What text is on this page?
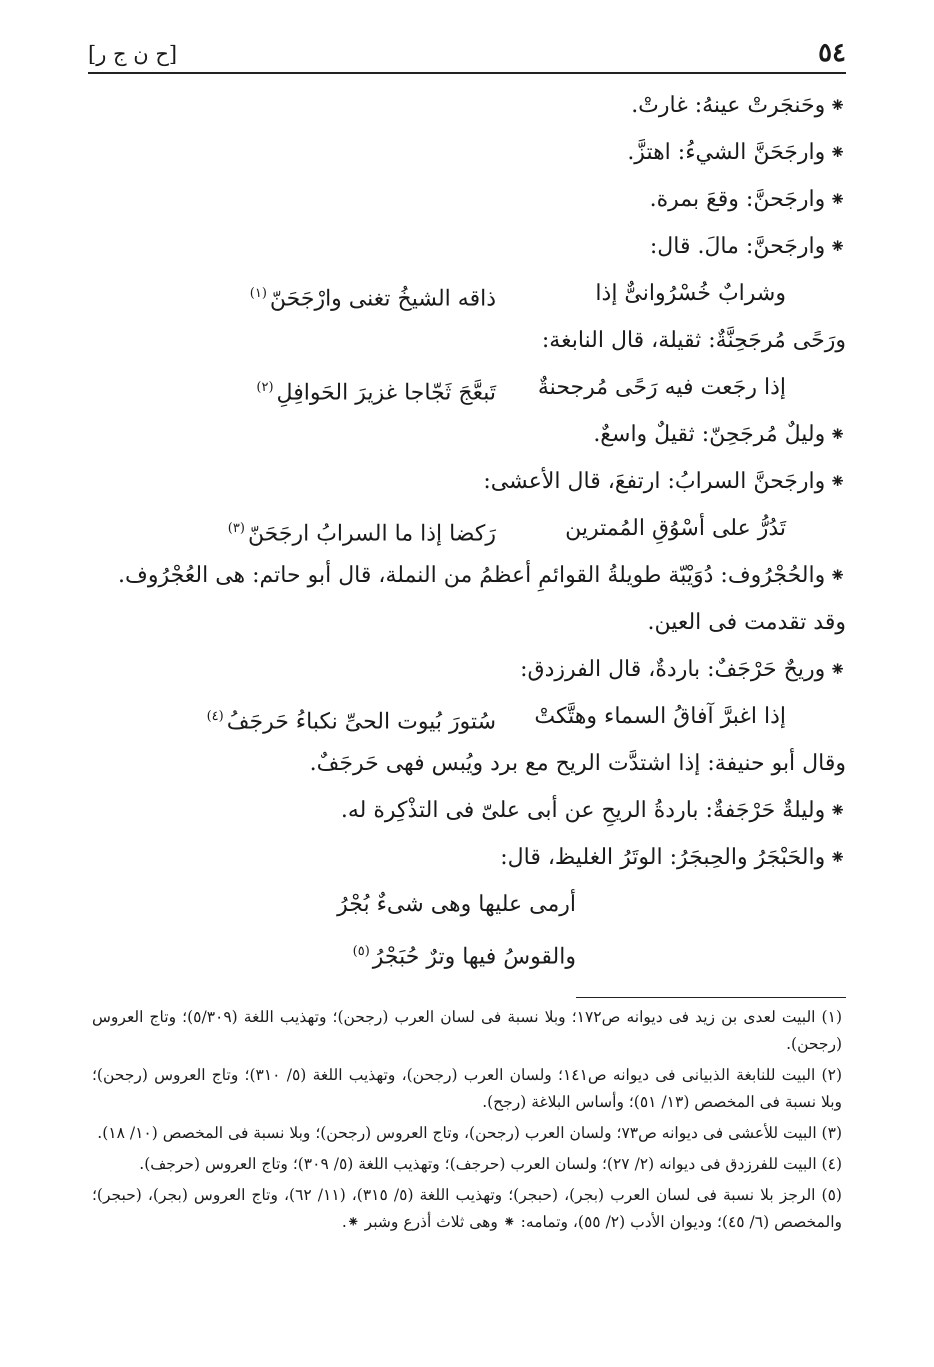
٥٤
[ح ن ج ر]
⁕وحَنجَرتْ عينهُ: غارتْ.
⁕وارجَحَنَّ الشيءُ: اهتزَّ.
⁕وارجَحنَّ: وقعَ بمرة.
⁕وارجَحنَّ: مالَ. قال:
وشرابٌ خُسْرُوانىٌّ إذا
ذاقه الشيخُ تغنى وارْجَحَنّ$^{(١)}$
ورَحًى مُرجَحِنَّةٌ: ثقيلة، قال النابغة:
إذا رجَعت فيه رَحًى مُرجحنةٌ
تَبعَّجَ ثَجّاجا غزيرَ الحَوافِلِ$^{(٢)}$
⁕وليلٌ مُرجَحِنّ: ثقيلٌ واسعٌ.
⁕وارجَحنَّ السرابُ: ارتفعَ، قال الأعشى:
تَدُرُّ على أسْوُقِ المُمترين
رَكضا إذا ما السرابُ ارجَحَنّ$^{(٣)}$
⁕والحُجْرُوف: دُوَيْبّة طويلةُ القوائمِ أعظمُ من النملة، قال أبو حاتم: هى العُجْرُوف.
وقد تقدمت فى العين.
⁕وريحٌ حَرْجَفٌ: باردةٌ، قال الفرزدق:
إذا اغبرَّ آفاقُ السماء وهتَّكتْ
سُتورَ بُيوت الحىِّ نكباءُ حَرجَفُ$^{(٤)}$
وقال أبو حنيفة: إذا اشتدَّت الريح مع برد ويُبس فهى حَرجَفٌ.
⁕وليلةٌ حَرْجَفةٌ: باردةُ الريحِ عن أبى علىّ فى التذْكِرة له.
⁕والحَبْجَرُ والحِبجَرُ: الوتَرُ الغليظ، قال:
أرمى عليها وهى شىءٌ بُجْرُ
والقوسُ فيها وترٌ حُبَجْرُ$^{(٥)}$
(١) البيت لعدى بن زيد فى ديوانه ص١٧٢؛ وبلا نسبة فى لسان العرب (رجحن)؛ وتهذيب اللغة (٥/٣٠٩)؛ وتاج العروس (رجحن).
(٢) البيت للنابغة الذبيانى فى ديوانه ص١٤١؛ ولسان العرب (رجحن)، وتهذيب اللغة (٥/ ٣١٠)؛ وتاج العروس (رجحن)؛ وبلا نسبة فى المخصص (١٣/ ٥١)؛ وأساس البلاغة (رجح).
(٣) البيت للأعشى فى ديوانه ص٧٣؛ ولسان العرب (رجحن)، وتاج العروس (رجحن)؛ وبلا نسبة فى المخصص (١٠/ ١٨).
(٤) البيت للفرزدق فى ديوانه (٢/ ٢٧)؛ ولسان العرب (حرجف)؛ وتهذيب اللغة (٥/ ٣٠٩)؛ وتاج العروس (حرجف).
(٥) الرجز بلا نسبة فى لسان العرب (بجر)، (حبجر)؛ وتهذيب اللغة (٥/ ٣١٥)، (١١/ ٦٢)، وتاج العروس (بجر)، (حبجر)؛ والمخصص (٦/ ٤٥)؛ وديوان الأدب (٢/ ٥٥)، وتمامه: ⁕ وهى ثلاث أذرع وشبر ⁕.
